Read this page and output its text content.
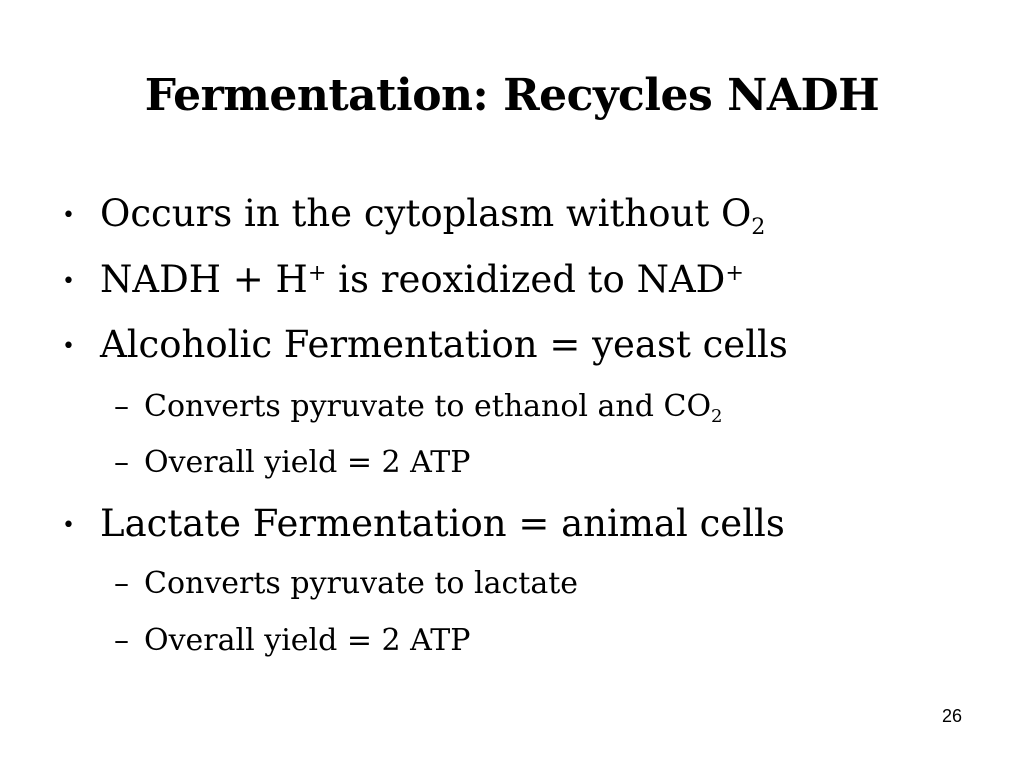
Fermentation: Recycles NADH
• Occurs in the cytoplasm without $O_2$
• NADH + H+ is reoxidized to NAD+
• Alcoholic Fermentation = yeast cells
– Converts pyruvate to ethanol and $CO_2$
– Overall yield = 2 ATP
• Lactate Fermentation = animal cells
– Converts pyruvate to lactate
– Overall yield = 2 ATP
26
